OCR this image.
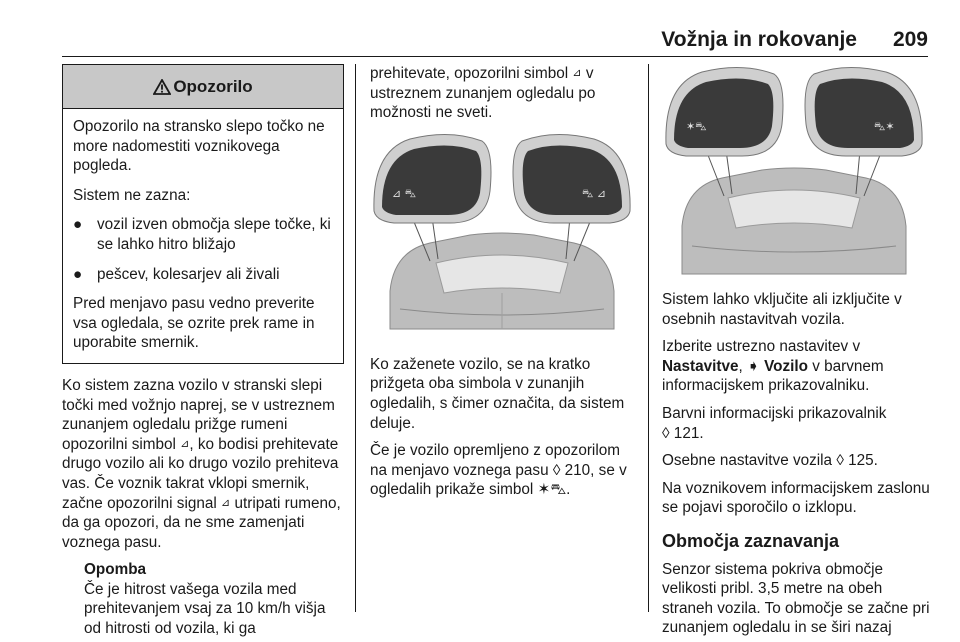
Vožnja in rokovanje 209
Opozorilo

Opozorilo na stransko slepo točko ne more nadomestiti voznikovega pogleda.

Sistem ne zazna:

● vozil izven območja slepe točke, ki se lahko hitro bližajo
● pešcev, kolesarjev ali živali

Pred menjavo pasu vedno preverite vsa ogledala, se ozrite prek rame in uporabite smernik.

Ko sistem zazna vozilo v stranski slepi točki med vožnjo naprej, se v ustreznem zunanjem ogledalu prižge rumeni opozorilni simbol ⊿, ko bodisi prehitevate drugo vozilo ali ko drugo vozilo prehiteva vas. Če voznik takrat vklopi smernik, začne opozorilni signal ⊿ utripati rumeno, da ga opozori, da ne sme zamenjati voznega pasu.
Opomba
Če je hitrost vašega vozila med prehitevanjem vsaj za 10 km/h višja od hitrosti od vozila, ki ga
prehitevate, opozorilni simbol ⊿ v ustreznem zunanjem ogledalu po možnosti ne sveti.
⊿ ⛍	⛍ ⊿
Ko zaženete vozilo, se na kratko prižgeta oba simbola v zunanjih ogledalih, s čimer označita, da sistem deluje.
Če je vozilo opremljeno z opozorilom na menjavo voznega pasu ◊ 210, se v ogledalih prikaže simbol ✶⛍.
✶⛍	⛍✶
Sistem lahko vključite ali izključite v osebnih nastavitvah vozila.
Izberite ustrezno nastavitev v Nastavitve, ➧ Vozilo v barvnem informacijskem prikazovalniku.
Barvni informacijski prikazovalnik
◊ 121.
Osebne nastavitve vozila ◊ 125.
Na voznikovem informacijskem zaslonu se pojavi sporočilo o izklopu.
Območja zaznavanja
Senzor sistema pokriva območje velikosti pribl. 3,5 metre na obeh straneh vozila. To območje se začne pri zunanjem ogledalu in se širi nazaj
